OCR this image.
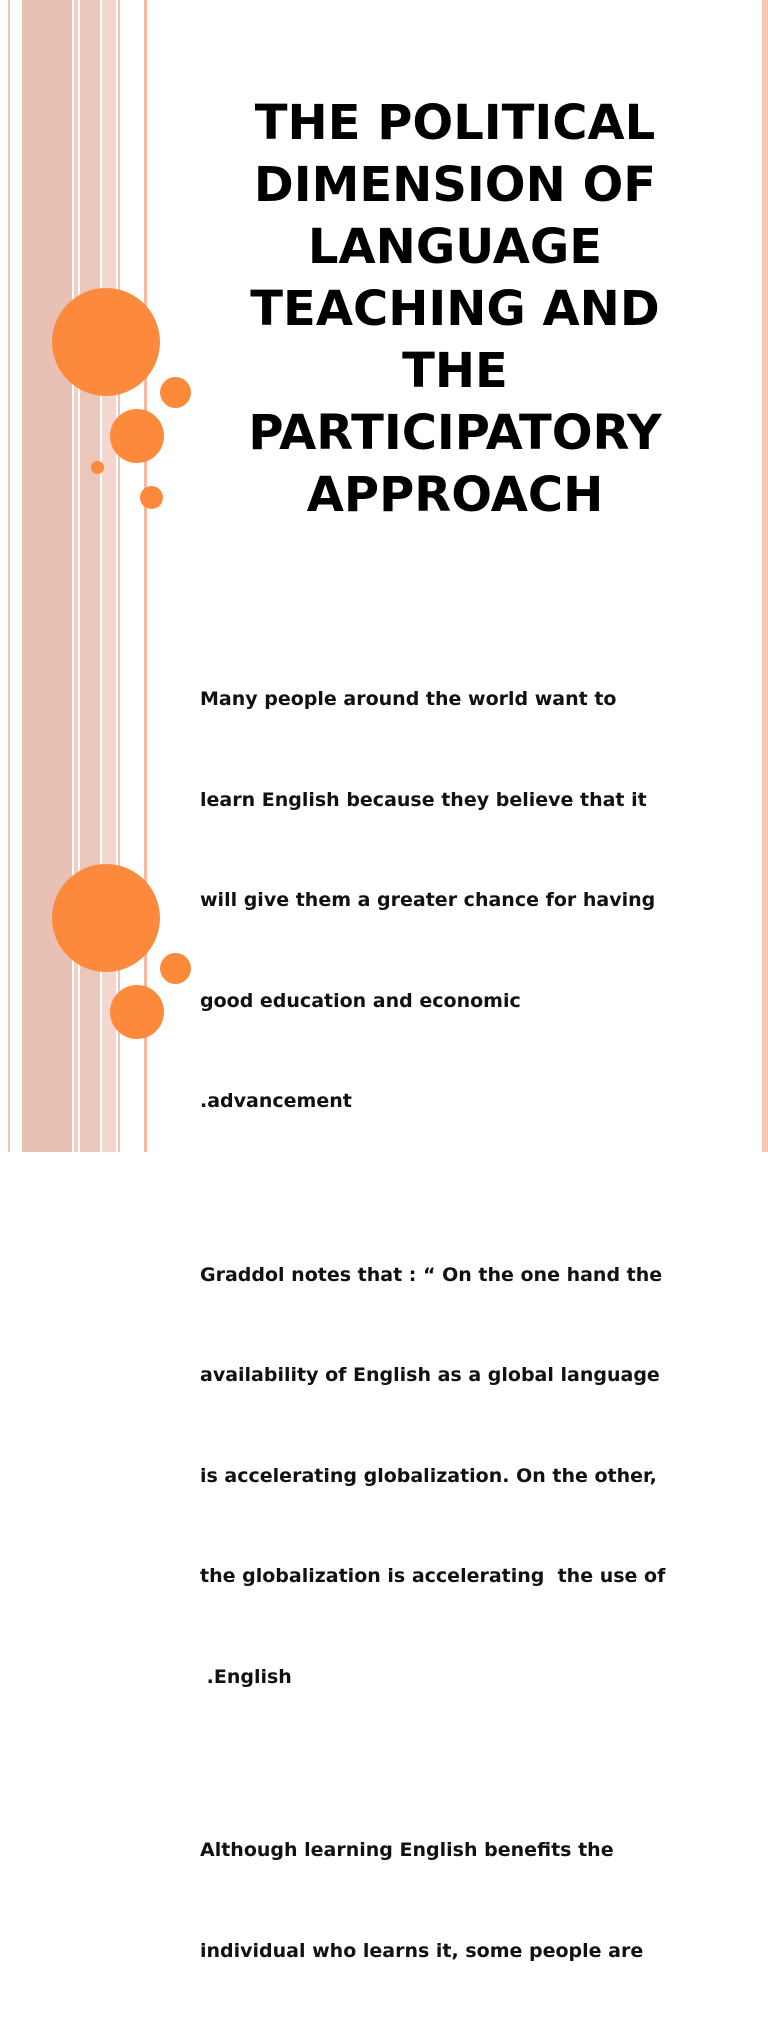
THE POLITICAL
DIMENSION OF
LANGUAGE
TEACHING AND
THE
PARTICIPATORY
APPROACH

Many people around the world want to

learn English because they believe that it

will give them a greater chance for having

good education and economic

.advancement

Graddol notes that : “ On the one hand the

availability of English as a global language

is accelerating globalization. On the other,

the globalization is accelerating  the use of

.English

Although learning English benefits the

individual who learns it, some people are
